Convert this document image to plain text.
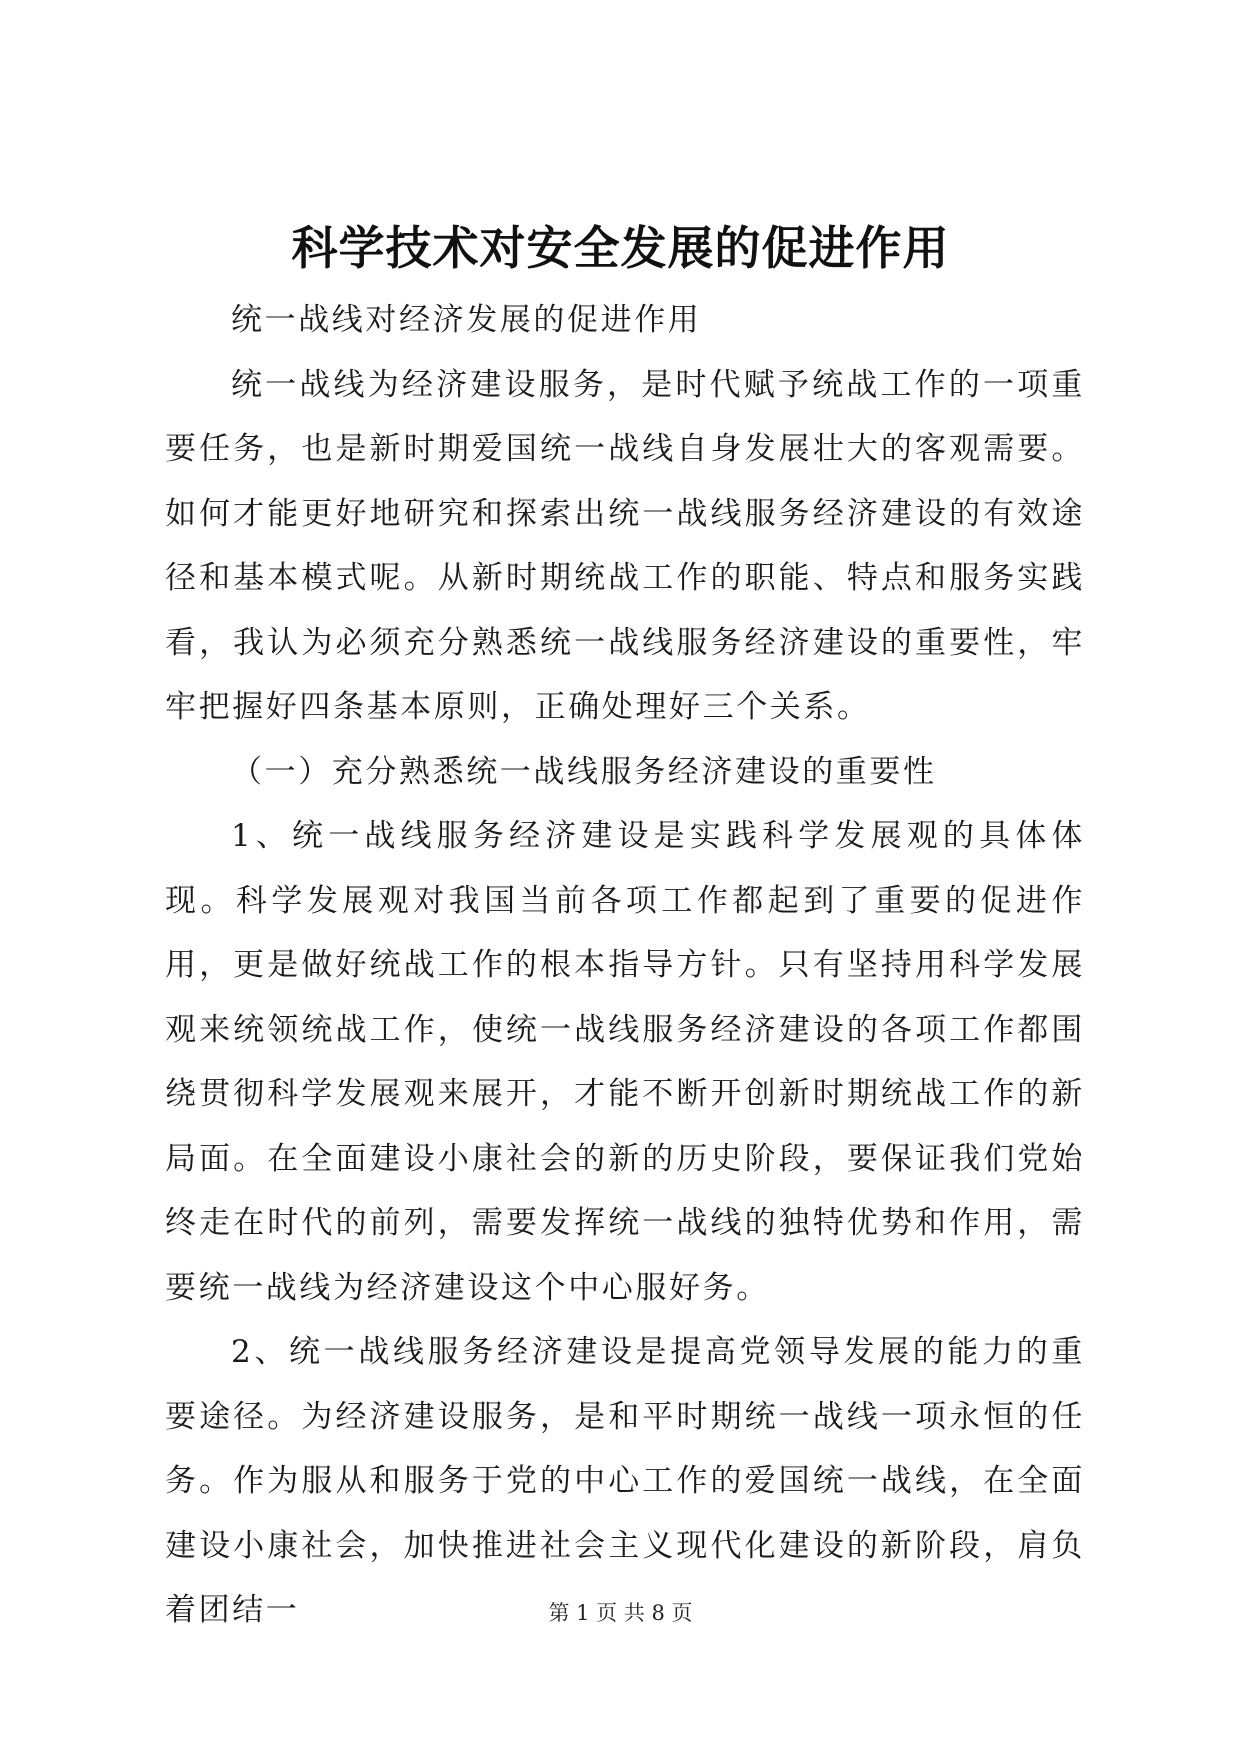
科学技术对安全发展的促进作用

统一战线对经济发展的促进作用

统一战线为经济建设服务，是时代赋予统战工作的一项重要任务，也是新时期爱国统一战线自身发展壮大的客观需要。如何才能更好地研究和探索出统一战线服务经济建设的有效途径和基本模式呢。从新时期统战工作的职能、特点和服务实践看，我认为必须充分熟悉统一战线服务经济建设的重要性，牢牢把握好四条基本原则，正确处理好三个关系。

（一）充分熟悉统一战线服务经济建设的重要性

1、统一战线服务经济建设是实践科学发展观的具体体现。科学发展观对我国当前各项工作都起到了重要的促进作用，更是做好统战工作的根本指导方针。只有坚持用科学发展观来统领统战工作，使统一战线服务经济建设的各项工作都围绕贯彻科学发展观来展开，才能不断开创新时期统战工作的新局面。在全面建设小康社会的新的历史阶段，要保证我们党始终走在时代的前列，需要发挥统一战线的独特优势和作用，需要统一战线为经济建设这个中心服好务。

2、统一战线服务经济建设是提高党领导发展的能力的重要途径。为经济建设服务，是和平时期统一战线一项永恒的任务。作为服从和服务于党的中心工作的爱国统一战线，在全面建设小康社会，加快推进社会主义现代化建设的新阶段，肩负着团结一	第 1 页 共 8 页
